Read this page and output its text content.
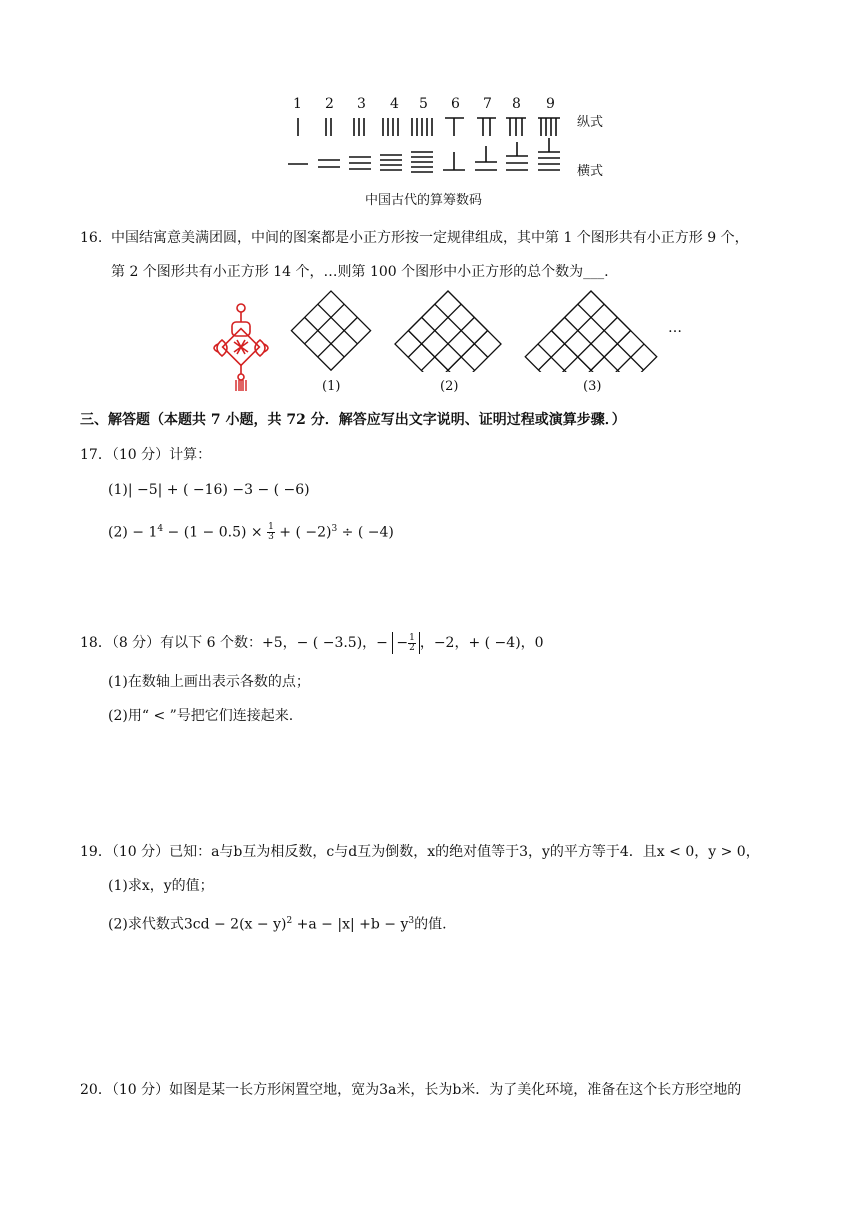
1 2 3 4 5 6 7 8 9
纵式
横式
中国古代的算筹数码
16. 中国结寓意美满团圆，中间的图案都是小正方形按一定规律组成，其中第 1 个图形共有小正方形 9 个，
第 2 个图形共有小正方形 14 个，…则第 100 个图形中小正方形的总个数为___.
(1)	(2)	(3)
…
三、解答题（本题共 7 小题，共 72 分．解答应写出文字说明、证明过程或演算步骤．）
17．（10 分）计算：
(1)| −5| + ( −16) −3 − ( −6)
$(2) - 1^4 - (1 - 0.5) \times \frac{1}{3}$ + ( −2)$^3$ ÷ ( −4)
18．（8 分）有以下 6 个数：+5，− ( −3.5)，− − $\frac{1}{2}$ ，−2，+ ( −4)，0
(1)在数轴上画出表示各数的点；
(2)用“ < ”号把它们连接起来.
19．（10 分）已知：a与b互为相反数，c与d互为倒数，x的绝对值等于3，y的平方等于4．且x < 0，y > 0，
(1)求x，y的值；
(2)求代数式$3cd - 2(x - y)^2 +a - |x| +b - y^3$的值.
20．（10 分）如图是某一长方形闲置空地，宽为3a米，长为b米．为了美化环境，准备在这个长方形空地的
